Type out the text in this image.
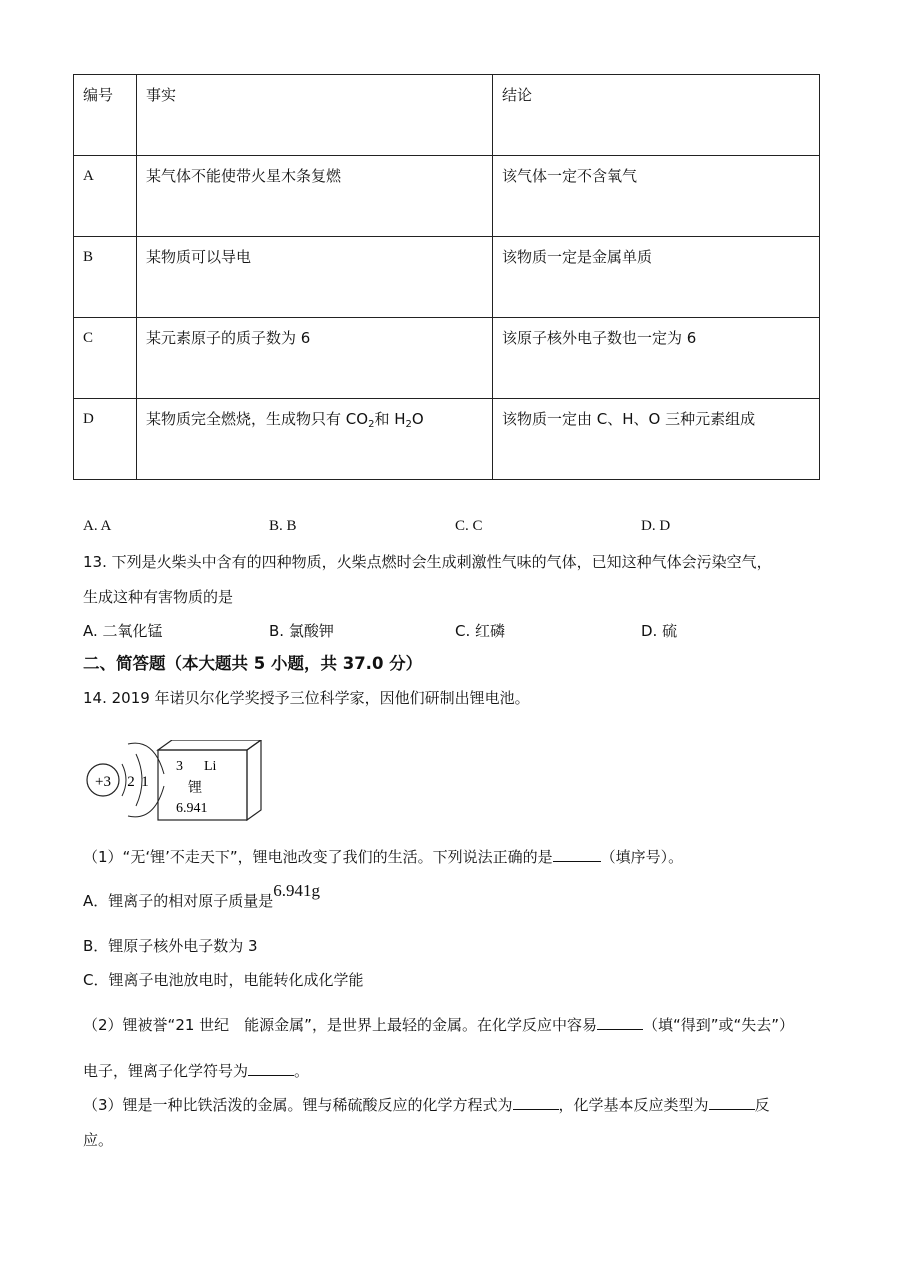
编号	事实	结论
A	某气体不能使带火星木条复燃	该气体一定不含氧气
B	某物质可以导电	该物质一定是金属单质
C	某元素原子的质子数为 6	该原子核外电子数也一定为 6
D	某物质完全燃烧，生成物只有 $CO_2$和 $H_2O$	该物质一定由 C、H、O 三种元素组成
A. A	B. B	C. C	D. D
13. 下列是火柴头中含有的四种物质，火柴点燃时会生成刺激性气味的气体，已知这种气体会污染空气，
生成这种有害物质的是
A. 二氧化锰	B. 氯酸钾	C. 红磷	D. 硫
二、简答题（本大题共 5 小题，共 37.0 分）
14. 2019 年诺贝尔化学奖授予三位科学家，因他们研制出锂电池。
+3 2 1
3 Li
锂
6.941
（1）“无‘锂’不走天下”，锂电池改变了我们的生活。下列说法正确的是	（填序号）。
A．锂离子的相对原子质量是6.941g
B．锂原子核外电子数为 3
C．锂离子电池放电时，电能转化成化学能
（2）锂被誉“21 世纪　能源金属”，是世界上最轻的金属。在化学反应中容易	（填“得到”或“失去”）
电子，锂离子化学符号为	。
（3）锂是一种比铁活泼的金属。锂与稀硫酸反应的化学方程式为	，化学基本反应类型为	反
应。
